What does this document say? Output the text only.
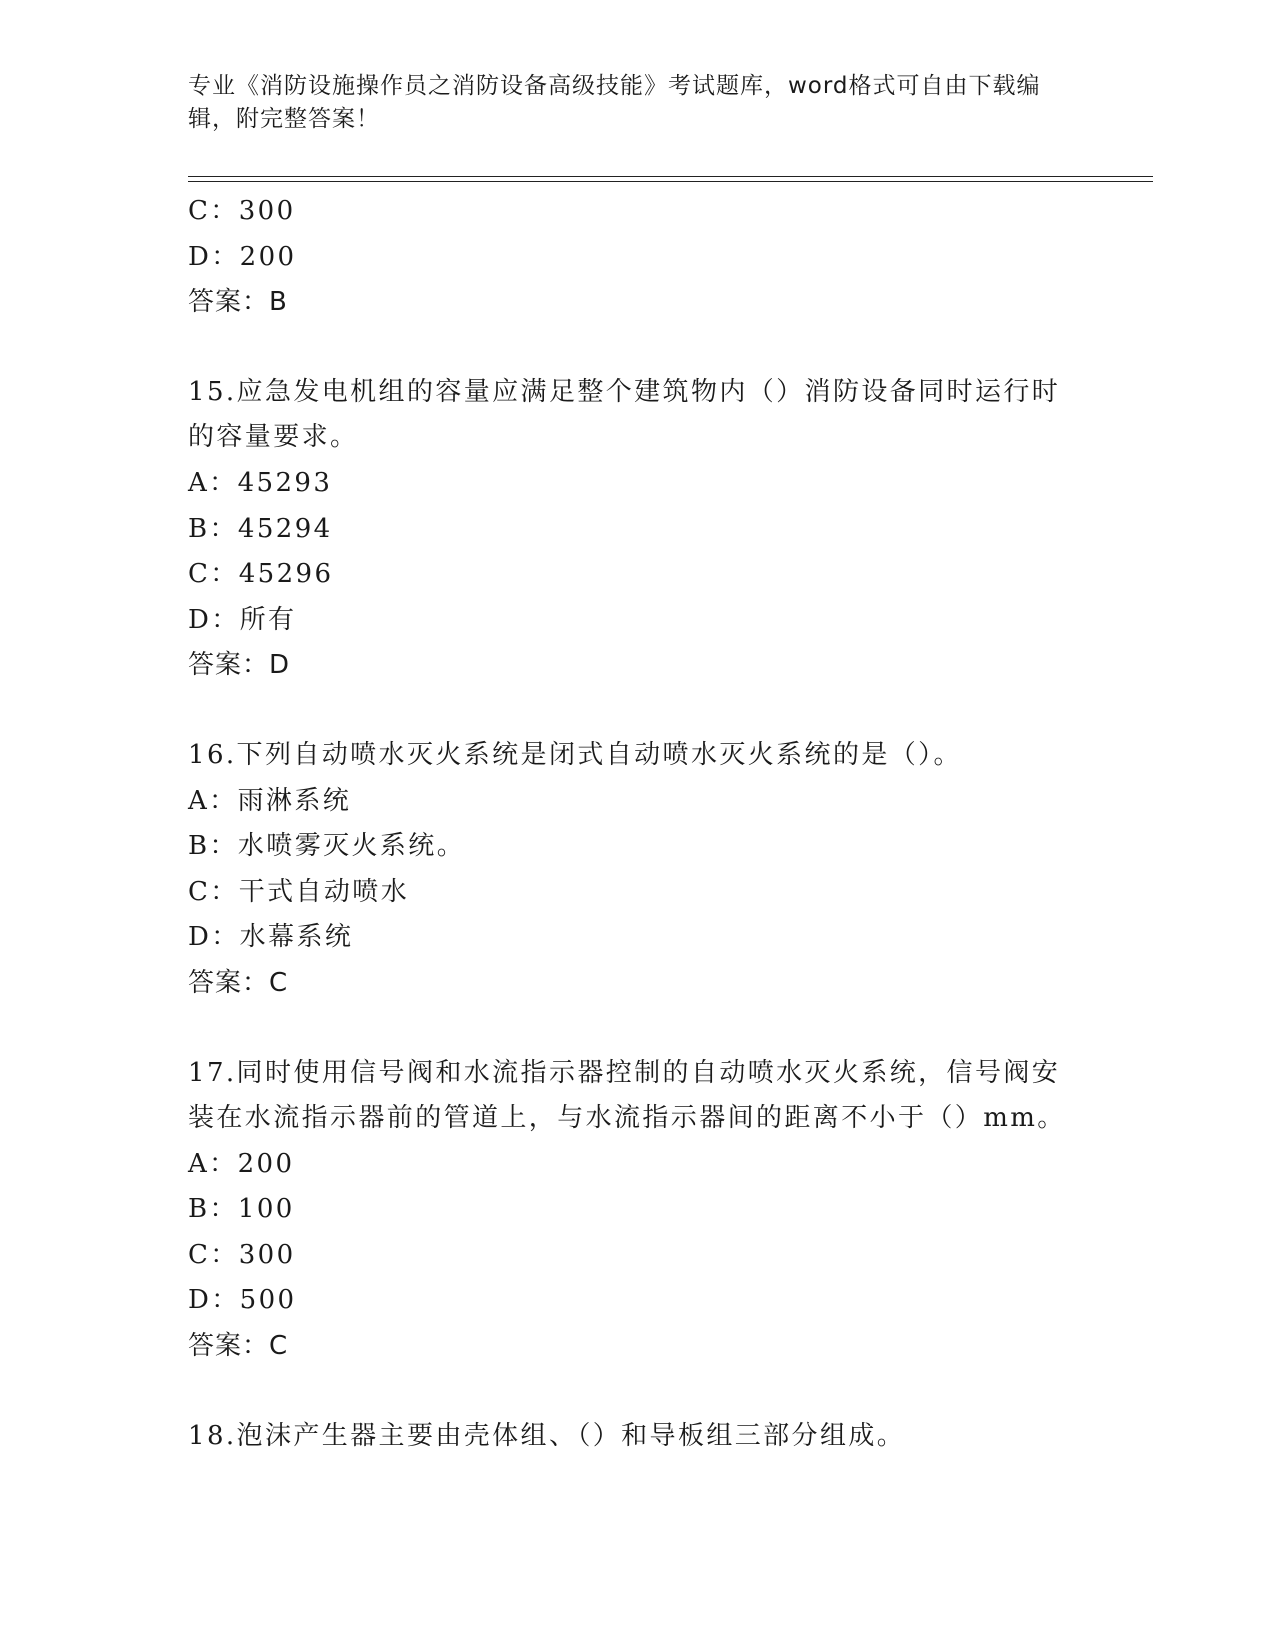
专业《消防设施操作员之消防设备高级技能》考试题库，word格式可自由下载编
辑，附完整答案！
C：300
D：200
答案：B
15.应急发电机组的容量应满足整个建筑物内（）消防设备同时运行时
的容量要求。
A：45293
B：45294
C：45296
D：所有
答案：D
16.下列自动喷水灭火系统是闭式自动喷水灭火系统的是（）。
A：雨淋系统
B：水喷雾灭火系统。
C：干式自动喷水
D：水幕系统
答案：C
17.同时使用信号阀和水流指示器控制的自动喷水灭火系统，信号阀安
装在水流指示器前的管道上，与水流指示器间的距离不小于（）mm。
A：200
B：100
C：300
D：500
答案：C
18.泡沫产生器主要由壳体组、（）和导板组三部分组成。
